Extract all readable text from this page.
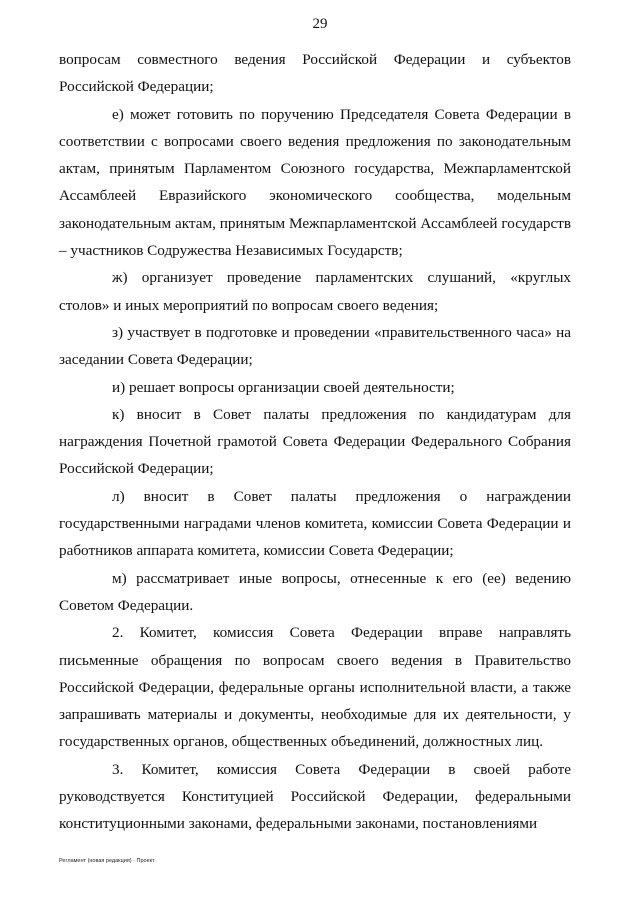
29

вопросам совместного ведения Российской Федерации и субъектов Российской Федерации;

е) может готовить по поручению Председателя Совета Федерации в соответствии с вопросами своего ведения предложения по законодательным актам, принятым Парламентом Союзного государства, Межпарламентской Ассамблеей Евразийского экономического сообщества, модельным законодательным актам, принятым Межпарламентской Ассамблеей государств – участников Содружества Независимых Государств;

ж) организует проведение парламентских слушаний, «круглых столов» и иных мероприятий по вопросам своего ведения;

з) участвует в подготовке и проведении «правительственного часа» на заседании Совета Федерации;

и) решает вопросы организации своей деятельности;

к) вносит в Совет палаты предложения по кандидатурам для награждения Почетной грамотой Совета Федерации Федерального Собрания Российской Федерации;

л) вносит в Совет палаты предложения о награждении государственными наградами членов комитета, комиссии Совета Федерации и работников аппарата комитета, комиссии Совета Федерации;

м) рассматривает иные вопросы, отнесенные к его (ее) ведению Советом Федерации.

2. Комитет, комиссия Совета Федерации вправе направлять письменные обращения по вопросам своего ведения в Правительство Российской Федерации, федеральные органы исполнительной власти, а также запрашивать материалы и документы, необходимые для их деятельности, у государственных органов, общественных объединений, должностных лиц.

3. Комитет, комиссия Совета Федерации в своей работе руководствуется Конституцией Российской Федерации, федеральными конституционными законами, федеральными законами, постановлениями

Регламент (новая редакция) · Проект
